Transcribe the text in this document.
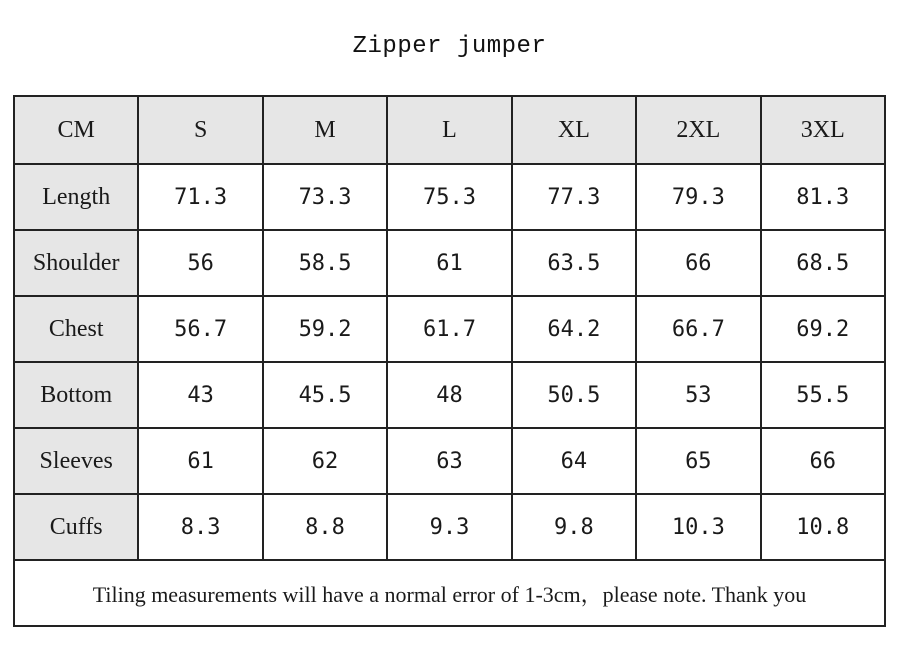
Zipper jumper
CM	S	M	L	XL	2XL	3XL
Length	71.3	73.3	75.3	77.3	79.3	81.3
Shoulder	56	58.5	61	63.5	66	68.5
Chest	56.7	59.2	61.7	64.2	66.7	69.2
Bottom	43	45.5	48	50.5	53	55.5
Sleeves	61	62	63	64	65	66
Cuffs	8.3	8.8	9.3	9.8	10.3	10.8
Tiling measurements will have a normal error of 1-3cm，please note. Thank you						
